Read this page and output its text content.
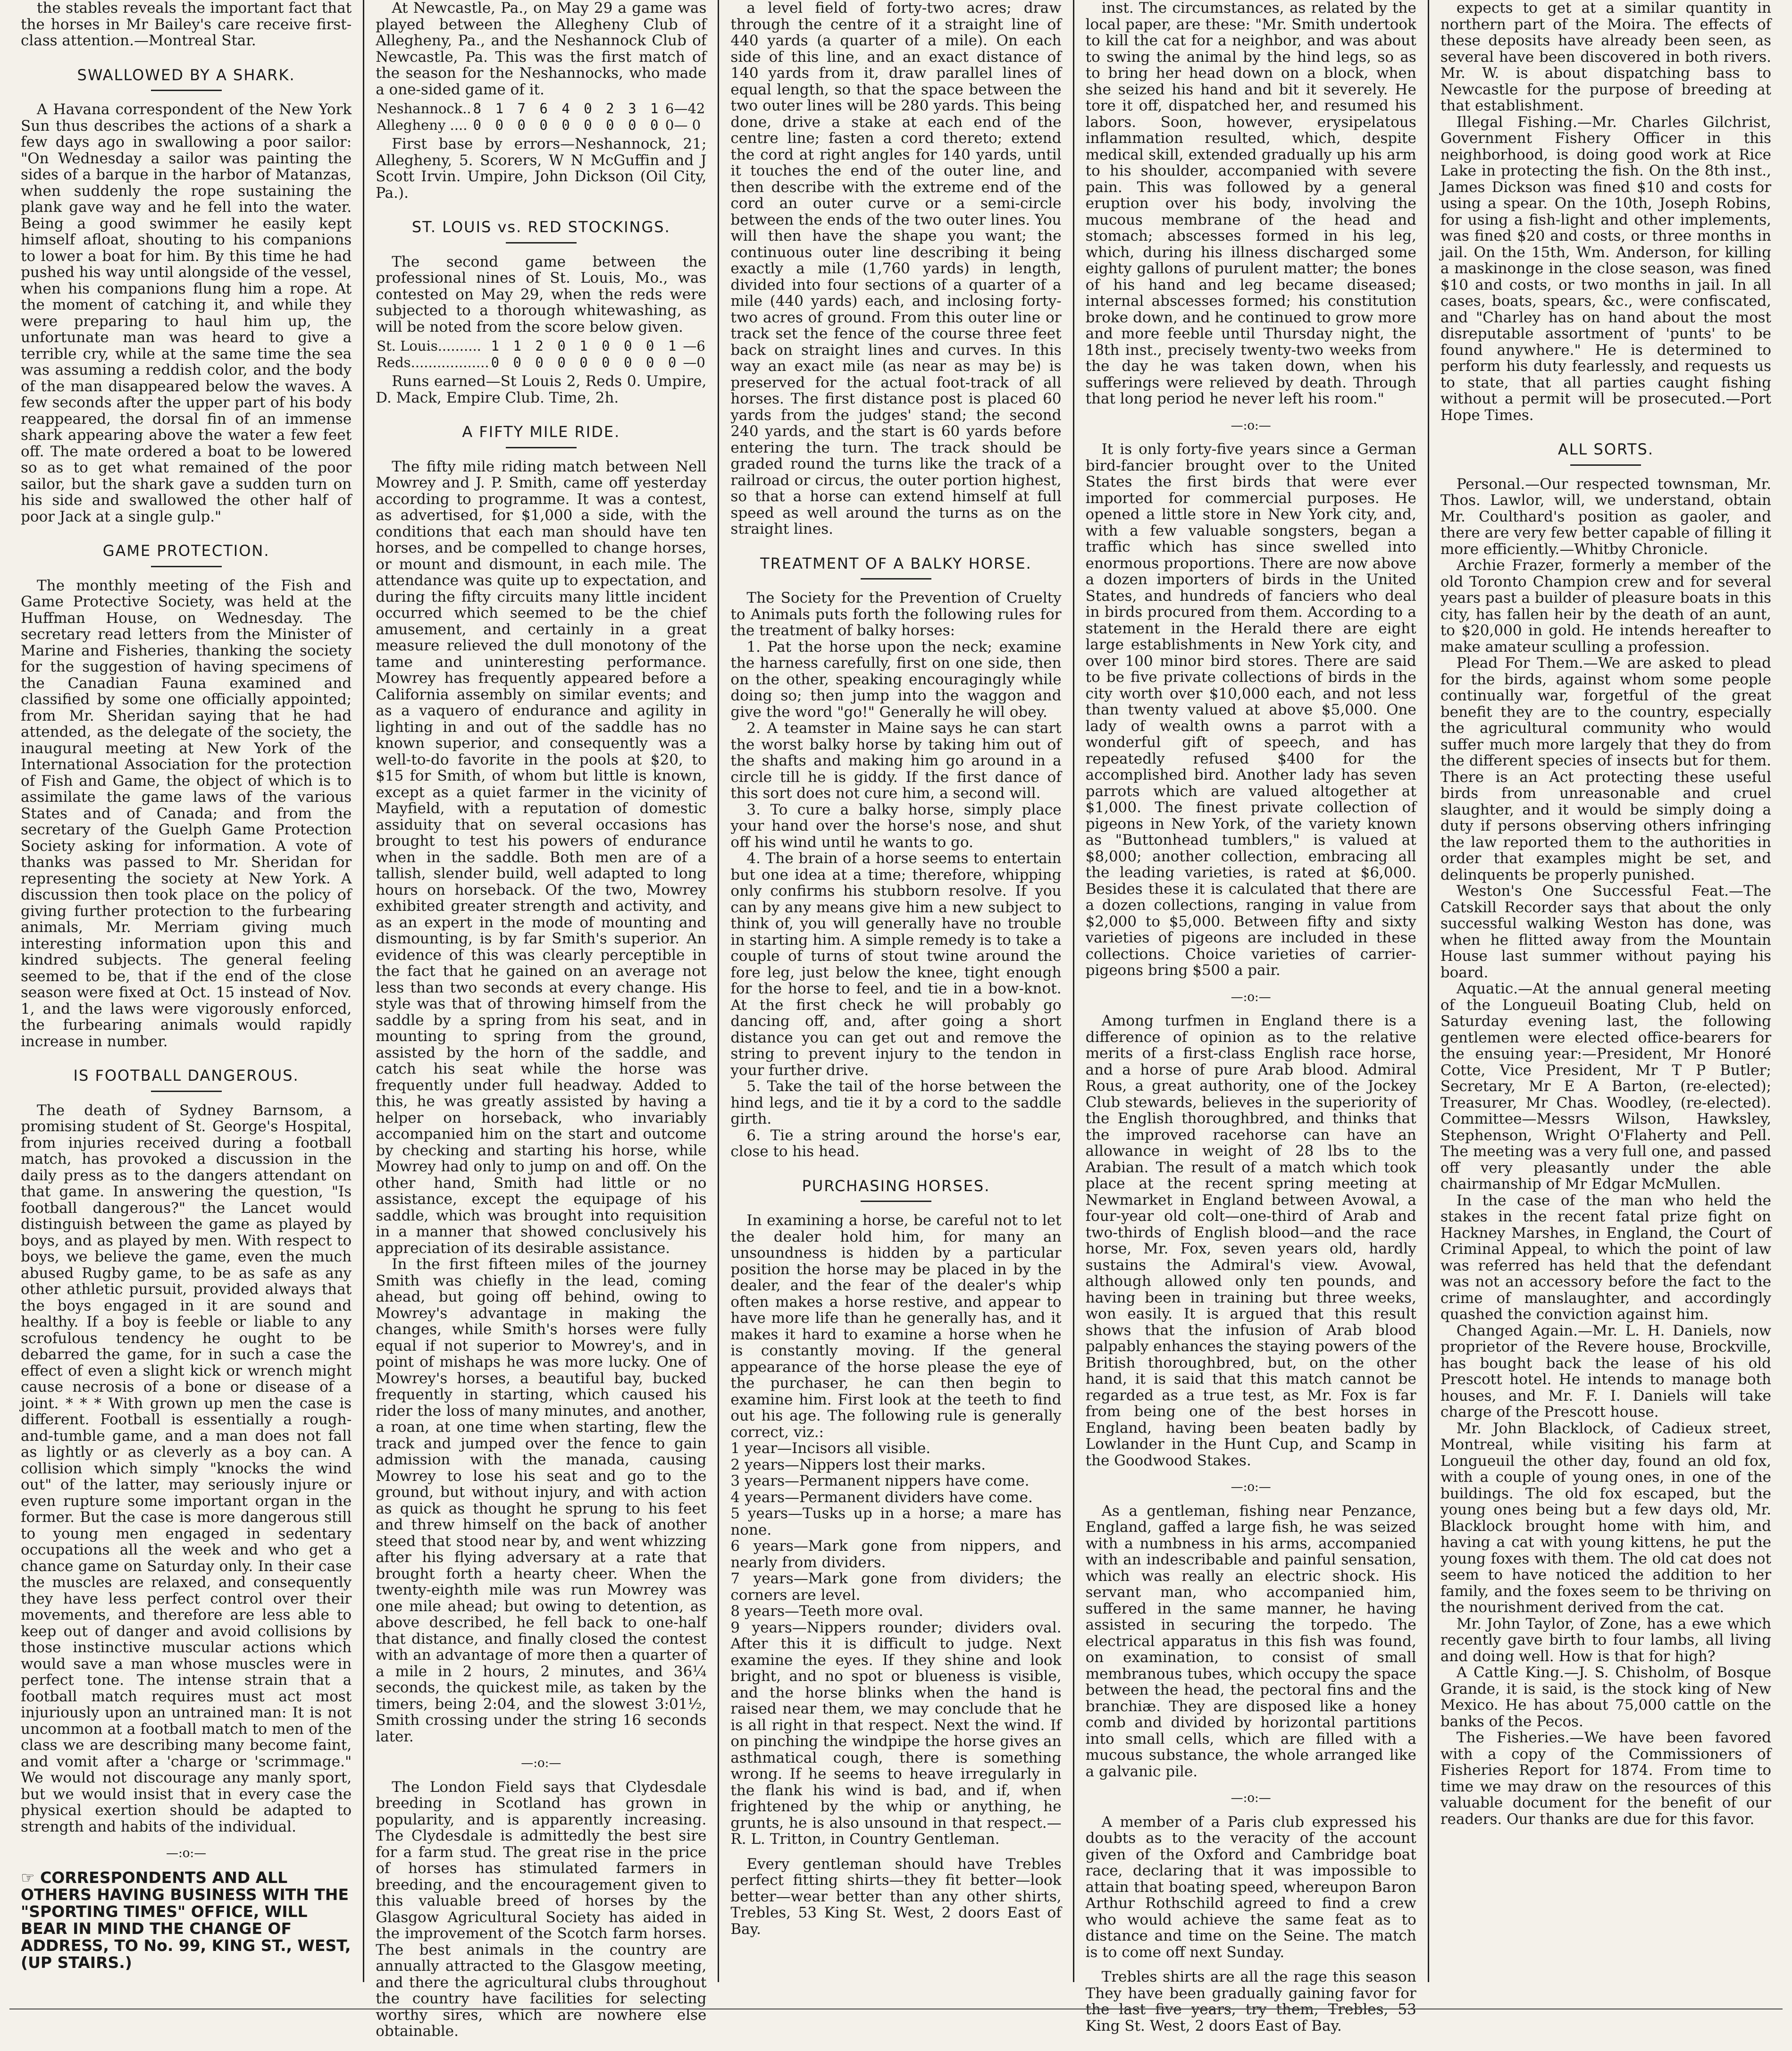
the stables reveals the important fact that the horses in Mr Bailey's care receive first-class attention.—Montreal Star.

SWALLOWED BY A SHARK.

A Havana correspondent of the New York Sun thus describes the actions of a shark a few days ago in swallowing a poor sailor: "On Wednesday a sailor was painting the sides of a barque in the harbor of Matanzas, when suddenly the rope sustaining the plank gave way and he fell into the water. Being a good swimmer he easily kept himself afloat, shouting to his companions to lower a boat for him. By this time he had pushed his way until alongside of the vessel, when his companions flung him a rope. At the moment of catching it, and while they were preparing to haul him up, the unfortunate man was heard to give a terrible cry, while at the same time the sea was assuming a reddish color, and the body of the man disappeared below the waves. A few seconds after the upper part of his body reappeared, the dorsal fin of an immense shark appearing above the water a few feet off. The mate ordered a boat to be lowered so as to get what remained of the poor sailor, but the shark gave a sudden turn on his side and swallowed the other half of poor Jack at a single gulp."

GAME PROTECTION.

The monthly meeting of the Fish and Game Protective Society, was held at the Huffman House, on Wednesday. The secretary read letters from the Minister of Marine and Fisheries, thanking the society for the suggestion of having specimens of the Canadian Fauna examined and classified by some one officially appointed; from Mr. Sheridan saying that he had attended, as the delegate of the society, the inaugural meeting at New York of the International Association for the protection of Fish and Game, the object of which is to assimilate the game laws of the various States and of Canada; and from the secretary of the Guelph Game Protection Society asking for information. A vote of thanks was passed to Mr. Sheridan for representing the society at New York. A discussion then took place on the policy of giving further protection to the furbearing animals, Mr. Merriam giving much interesting information upon this and kindred subjects. The general feeling seemed to be, that if the end of the close season were fixed at Oct. 15 instead of Nov. 1, and the laws were vigorously enforced, the furbearing animals would rapidly increase in number.

IS FOOTBALL DANGEROUS.

The death of Sydney Barnsom, a promising student of St. George's Hospital, from injuries received during a football match, has provoked a discussion in the daily press as to the dangers attendant on that game. In answering the question, "Is football dangerous?" the Lancet would distinguish between the game as played by boys, and as played by men. With respect to boys, we believe the game, even the much abused Rugby game, to be as safe as any other athletic pursuit, provided always that the boys engaged in it are sound and healthy. If a boy is feeble or liable to any scrofulous tendency he ought to be debarred the game, for in such a case the effect of even a slight kick or wrench might cause necrosis of a bone or disease of a joint. * * * With grown up men the case is different. Football is essentially a rough-and-tumble game, and a man does not fall as lightly or as cleverly as a boy can. A collision which simply "knocks the wind out" of the latter, may seriously injure or even rupture some important organ in the former. But the case is more dangerous still to young men engaged in sedentary occupations all the week and who get a chance game on Saturday only. In their case the muscles are relaxed, and consequently they have less perfect control over their movements, and therefore are less able to keep out of danger and avoid collisions by those instinctive muscular actions which would save a man whose muscles were in perfect tone. The intense strain that a football match requires must act most injuriously upon an untrained man: It is not uncommon at a football match to men of the class we are describing many become faint, and vomit after a 'charge or 'scrimmage." We would not discourage any manly sport, but we would insist that in every case the physical exertion should be adapted to strength and habits of the individual.

—:o:—

☞ CORRESPONDENTS AND ALL OTHERS HAVING BUSINESS WITH THE "SPORTING TIMES" OFFICE, WILL BEAR IN MIND THE CHANGE OF ADDRESS, TO No. 99, KING ST., WEST, (UP STAIRS.)

At Newcastle, Pa., on May 29 a game was played between the Allegheny Club of Allegheny, Pa., and the Neshannock Club of Newcastle, Pa. This was the first match of the season for the Neshannocks, who made a one-sided game of it.

Neshannock..	8 1 7 6 4 0 2 3 1	6—42
Allegheny ....	0 0 0 0 0 0 0 0 0	0— 0

First base by errors—Neshannock, 21; Allegheny, 5. Scorers, W N McGuffin and J Scott Irvin. Umpire, John Dickson (Oil City, Pa.).

ST. LOUIS vs. RED STOCKINGS.

The second game between the professional nines of St. Louis, Mo., was contested on May 29, when the reds were subjected to a thorough whitewashing, as will be noted from the score below given.

St. Louis..........	1 1 2 0 1 0 0 0 1	—6
Reds..................	0 0 0 0 0 0 0 0 0	—0

Runs earned—St Louis 2, Reds 0. Umpire, D. Mack, Empire Club. Time, 2h.

A FIFTY MILE RIDE.

The fifty mile riding match between Nell Mowrey and J. P. Smith, came off yesterday according to programme. It was a contest, as advertised, for $1,000 a side, with the conditions that each man should have ten horses, and be compelled to change horses, or mount and dismount, in each mile. The attendance was quite up to expectation, and during the fifty circuits many little incident occurred which seemed to be the chief amusement, and certainly in a great measure relieved the dull monotony of the tame and uninteresting performance. Mowrey has frequently appeared before a California assembly on similar events; and as a vaquero of endurance and agility in lighting in and out of the saddle has no known superior, and consequently was a well-to-do favorite in the pools at $20, to $15 for Smith, of whom but little is known, except as a quiet farmer in the vicinity of Mayfield, with a reputation of domestic assiduity that on several occasions has brought to test his powers of endurance when in the saddle. Both men are of a tallish, slender build, well adapted to long hours on horseback. Of the two, Mowrey exhibited greater strength and activity, and as an expert in the mode of mounting and dismounting, is by far Smith's superior. An evidence of this was clearly perceptible in the fact that he gained on an average not less than two seconds at every change. His style was that of throwing himself from the saddle by a spring from his seat, and in mounting to spring from the ground, assisted by the horn of the saddle, and catch his seat while the horse was frequently under full headway. Added to this, he was greatly assisted by having a helper on horseback, who invariably accompanied him on the start and outcome by checking and starting his horse, while Mowrey had only to jump on and off. On the other hand, Smith had little or no assistance, except the equipage of his saddle, which was brought into requisition in a manner that showed conclusively his appreciation of its desirable assistance.

In the first fifteen miles of the journey Smith was chiefly in the lead, coming ahead, but going off behind, owing to Mowrey's advantage in making the changes, while Smith's horses were fully equal if not superior to Mowrey's, and in point of mishaps he was more lucky. One of Mowrey's horses, a beautiful bay, bucked frequently in starting, which caused his rider the loss of many minutes, and another, a roan, at one time when starting, flew the track and jumped over the fence to gain admission with the manada, causing Mowrey to lose his seat and go to the ground, but without injury, and with action as quick as thought he sprung to his feet and threw himself on the back of another steed that stood near by, and went whizzing after his flying adversary at a rate that brought forth a hearty cheer. When the twenty-eighth mile was run Mowrey was one mile ahead; but owing to detention, as above described, he fell back to one-half that distance, and finally closed the contest with an advantage of more then a quarter of a mile in 2 hours, 2 minutes, and 36¼ seconds, the quickest mile, as taken by the timers, being 2:04, and the slowest 3:01½, Smith crossing under the string 16 seconds later.

—:o:—

The London Field says that Clydesdale breeding in Scotland has grown in popularity, and is apparently increasing. The Clydesdale is admittedly the best sire for a farm stud. The great rise in the price of horses has stimulated farmers in breeding, and the encouragement given to this valuable breed of horses by the Glasgow Agricultural Society has aided in the improvement of the Scotch farm horses. The best animals in the country are annually attracted to the Glasgow meeting, and there the agricultural clubs throughout the country have facilities for selecting worthy sires, which are nowhere else obtainable.

a level field of forty-two acres; draw through the centre of it a straight line of 440 yards (a quarter of a mile). On each side of this line, and an exact distance of 140 yards from it, draw parallel lines of equal length, so that the space between the two outer lines will be 280 yards. This being done, drive a stake at each end of the centre line; fasten a cord thereto; extend the cord at right angles for 140 yards, until it touches the end of the outer line, and then describe with the extreme end of the cord an outer curve or a semi-circle between the ends of the two outer lines. You will then have the shape you want; the continuous outer line describing it being exactly a mile (1,760 yards) in length, divided into four sections of a quarter of a mile (440 yards) each, and inclosing forty-two acres of ground. From this outer line or track set the fence of the course three feet back on straight lines and curves. In this way an exact mile (as near as may be) is preserved for the actual foot-track of all horses. The first distance post is placed 60 yards from the judges' stand; the second 240 yards, and the start is 60 yards before entering the turn. The track should be graded round the turns like the track of a railroad or circus, the outer portion highest, so that a horse can extend himself at full speed as well around the turns as on the straight lines.

TREATMENT OF A BALKY HORSE.

The Society for the Prevention of Cruelty to Animals puts forth the following rules for the treatment of balky horses:

1. Pat the horse upon the neck; examine the harness carefully, first on one side, then on the other, speaking encouragingly while doing so; then jump into the waggon and give the word "go!" Generally he will obey.

2. A teamster in Maine says he can start the worst balky horse by taking him out of the shafts and making him go around in a circle till he is giddy. If the first dance of this sort does not cure him, a second will.

3. To cure a balky horse, simply place your hand over the horse's nose, and shut off his wind until he wants to go.

4. The brain of a horse seems to entertain but one idea at a time; therefore, whipping only confirms his stubborn resolve. If you can by any means give him a new subject to think of, you will generally have no trouble in starting him. A simple remedy is to take a couple of turns of stout twine around the fore leg, just below the knee, tight enough for the horse to feel, and tie in a bow-knot. At the first check he will probably go dancing off, and, after going a short distance you can get out and remove the string to prevent injury to the tendon in your further drive.

5. Take the tail of the horse between the hind legs, and tie it by a cord to the saddle girth.

6. Tie a string around the horse's ear, close to his head.

PURCHASING HORSES.

In examining a horse, be careful not to let the dealer hold him, for many an unsoundness is hidden by a particular position the horse may be placed in by the dealer, and the fear of the dealer's whip often makes a horse restive, and appear to have more life than he generally has, and it makes it hard to examine a horse when he is constantly moving. If the general appearance of the horse please the eye of the purchaser, he can then begin to examine him. First look at the teeth to find out his age. The following rule is generally correct, viz.:

1 year—Incisors all visible.

2 years—Nippers lost their marks.

3 years—Permanent nippers have come.

4 years—Permanent dividers have come.

5 years—Tusks up in a horse; a mare has none.

6 years—Mark gone from nippers, and nearly from dividers.

7 years—Mark gone from dividers; the corners are level.

8 years—Teeth more oval.

9 years—Nippers rounder; dividers oval. After this it is difficult to judge. Next examine the eyes. If they shine and look bright, and no spot or blueness is visible, and the horse blinks when the hand is raised near them, we may conclude that he is all right in that respect. Next the wind. If on pinching the windpipe the horse gives an asthmatical cough, there is something wrong. If he seems to heave irregularly in the flank his wind is bad, and if, when frightened by the whip or anything, he grunts, he is also unsound in that respect.—R. L. Tritton, in Country Gentleman.

Every gentleman should have Trebles perfect fitting shirts—they fit better—look better—wear better than any other shirts, Trebles, 53 King St. West, 2 doors East of Bay.

inst. The circumstances, as related by the local paper, are these: "Mr. Smith undertook to kill the cat for a neighbor, and was about to swing the animal by the hind legs, so as to bring her head down on a block, when she seized his hand and bit it severely. He tore it off, dispatched her, and resumed his labors. Soon, however, erysipelatous inflammation resulted, which, despite medical skill, extended gradually up his arm to his shoulder, accompanied with severe pain. This was followed by a general eruption over his body, involving the mucous membrane of the head and stomach; abscesses formed in his leg, which, during his illness discharged some eighty gallons of purulent matter; the bones of his hand and leg became diseased; internal abscesses formed; his constitution broke down, and he continued to grow more and more feeble until Thursday night, the 18th inst., precisely twenty-two weeks from the day he was taken down, when his sufferings were relieved by death. Through that long period he never left his room."

—:o:—

It is only forty-five years since a German bird-fancier brought over to the United States the first birds that were ever imported for commercial purposes. He opened a little store in New York city, and, with a few valuable songsters, began a traffic which has since swelled into enormous proportions. There are now above a dozen importers of birds in the United States, and hundreds of fanciers who deal in birds procured from them. According to a statement in the Herald there are eight large establishments in New York city, and over 100 minor bird stores. There are said to be five private collections of birds in the city worth over $10,000 each, and not less than twenty valued at above $5,000. One lady of wealth owns a parrot with a wonderful gift of speech, and has repeatedly refused $400 for the accomplished bird. Another lady has seven parrots which are valued altogether at $1,000. The finest private collection of pigeons in New York, of the variety known as "Buttonhead tumblers," is valued at $8,000; another collection, embracing all the leading varieties, is rated at $6,000. Besides these it is calculated that there are a dozen collections, ranging in value from $2,000 to $5,000. Between fifty and sixty varieties of pigeons are included in these collections. Choice varieties of carrier-pigeons bring $500 a pair.

—:o:—

Among turfmen in England there is a difference of opinion as to the relative merits of a first-class English race horse, and a horse of pure Arab blood. Admiral Rous, a great authority, one of the Jockey Club stewards, believes in the superiority of the English thoroughbred, and thinks that the improved racehorse can have an allowance in weight of 28 lbs to the Arabian. The result of a match which took place at the recent spring meeting at Newmarket in England between Avowal, a four-year old colt—one-third of Arab and two-thirds of English blood—and the race horse, Mr. Fox, seven years old, hardly sustains the Admiral's view. Avowal, although allowed only ten pounds, and having been in training but three weeks, won easily. It is argued that this result shows that the infusion of Arab blood palpably enhances the staying powers of the British thoroughbred, but, on the other hand, it is said that this match cannot be regarded as a true test, as Mr. Fox is far from being one of the best horses in England, having been beaten badly by Lowlander in the Hunt Cup, and Scamp in the Goodwood Stakes.

—:o:—

As a gentleman, fishing near Penzance, England, gaffed a large fish, he was seized with a numbness in his arms, accompanied with an indescribable and painful sensation, which was really an electric shock. His servant man, who accompanied him, suffered in the same manner, he having assisted in securing the torpedo. The electrical apparatus in this fish was found, on examination, to consist of small membranous tubes, which occupy the space between the head, the pectoral fins and the branchiæ. They are disposed like a honey comb and divided by horizontal partitions into small cells, which are filled with a mucous substance, the whole arranged like a galvanic pile.

—:o:—

A member of a Paris club expressed his doubts as to the veracity of the account given of the Oxford and Cambridge boat race, declaring that it was impossible to attain that boating speed, whereupon Baron Arthur Rothschild agreed to find a crew who would achieve the same feat as to distance and time on the Seine. The match is to come off next Sunday.

Trebles shirts are all the rage this season They have been gradually gaining favor for the last five years, try them, Trebles, 53 King St. West, 2 doors East of Bay.

expects to get at a similar quantity in northern part of the Moira. The effects of these deposits have already been seen, as several have been discovered in both rivers. Mr. W. is about dispatching bass to Newcastle for the purpose of breeding at that establishment.

Illegal Fishing.—Mr. Charles Gilchrist, Government Fishery Officer in this neighborhood, is doing good work at Rice Lake in protecting the fish. On the 8th inst., James Dickson was fined $10 and costs for using a spear. On the 10th, Joseph Robins, for using a fish-light and other implements, was fined $20 and costs, or three months in jail. On the 15th, Wm. Anderson, for killing a maskinonge in the close season, was fined $10 and costs, or two months in jail. In all cases, boats, spears, &c., were confiscated, and "Charley has on hand about the most disreputable assortment of 'punts' to be found anywhere." He is determined to perform his duty fearlessly, and requests us to state, that all parties caught fishing without a permit will be prosecuted.—Port Hope Times.

ALL SORTS.

Personal.—Our respected townsman, Mr. Thos. Lawlor, will, we understand, obtain Mr. Coulthard's position as gaoler, and there are very few better capable of filling it more efficiently.—Whitby Chronicle.

Archie Frazer, formerly a member of the old Toronto Champion crew and for several years past a builder of pleasure boats in this city, has fallen heir by the death of an aunt, to $20,000 in gold. He intends hereafter to make amateur sculling a profession.

Plead For Them.—We are asked to plead for the birds, against whom some people continually war, forgetful of the great benefit they are to the country, especially the agricultural community who would suffer much more largely that they do from the different species of insects but for them. There is an Act protecting these useful birds from unreasonable and cruel slaughter, and it would be simply doing a duty if persons observing others infringing the law reported them to the authorities in order that examples might be set, and delinquents be properly punished.

Weston's One Successful Feat.—The Catskill Recorder says that about the only successful walking Weston has done, was when he flitted away from the Mountain House last summer without paying his board.

Aquatic.—At the annual general meeting of the Longueuil Boating Club, held on Saturday evening last, the following gentlemen were elected office-bearers for the ensuing year:—President, Mr Honoré Cotte, Vice President, Mr T P Butler; Secretary, Mr E A Barton, (re-elected); Treasurer, Mr Chas. Woodley, (re-elected). Committee—Messrs Wilson, Hawksley, Stephenson, Wright O'Flaherty and Pell. The meeting was a very full one, and passed off very pleasantly under the able chairmanship of Mr Edgar McMullen.

In the case of the man who held the stakes in the recent fatal prize fight on Hackney Marshes, in England, the Court of Criminal Appeal, to which the point of law was referred has held that the defendant was not an accessory before the fact to the crime of manslaughter, and accordingly quashed the conviction against him.

Changed Again.—Mr. L. H. Daniels, now proprietor of the Revere house, Brockville, has bought back the lease of his old Prescott hotel. He intends to manage both houses, and Mr. F. I. Daniels will take charge of the Prescott house.

Mr. John Blacklock, of Cadieux street, Montreal, while visiting his farm at Longueuil the other day, found an old fox, with a couple of young ones, in one of the buildings. The old fox escaped, but the young ones being but a few days old, Mr. Blacklock brought home with him, and having a cat with young kittens, he put the young foxes with them. The old cat does not seem to have noticed the addition to her family, and the foxes seem to be thriving on the nourishment derived from the cat.

Mr. John Taylor, of Zone, has a ewe which recently gave birth to four lambs, all living and doing well. How is that for high?

A Cattle King.—J. S. Chisholm, of Bosque Grande, it is said, is the stock king of New Mexico. He has about 75,000 cattle on the banks of the Pecos.

The Fisheries.—We have been favored with a copy of the Commissioners of Fisheries Report for 1874. From time to time we may draw on the resources of this valuable document for the benefit of our readers. Our thanks are due for this favor.
